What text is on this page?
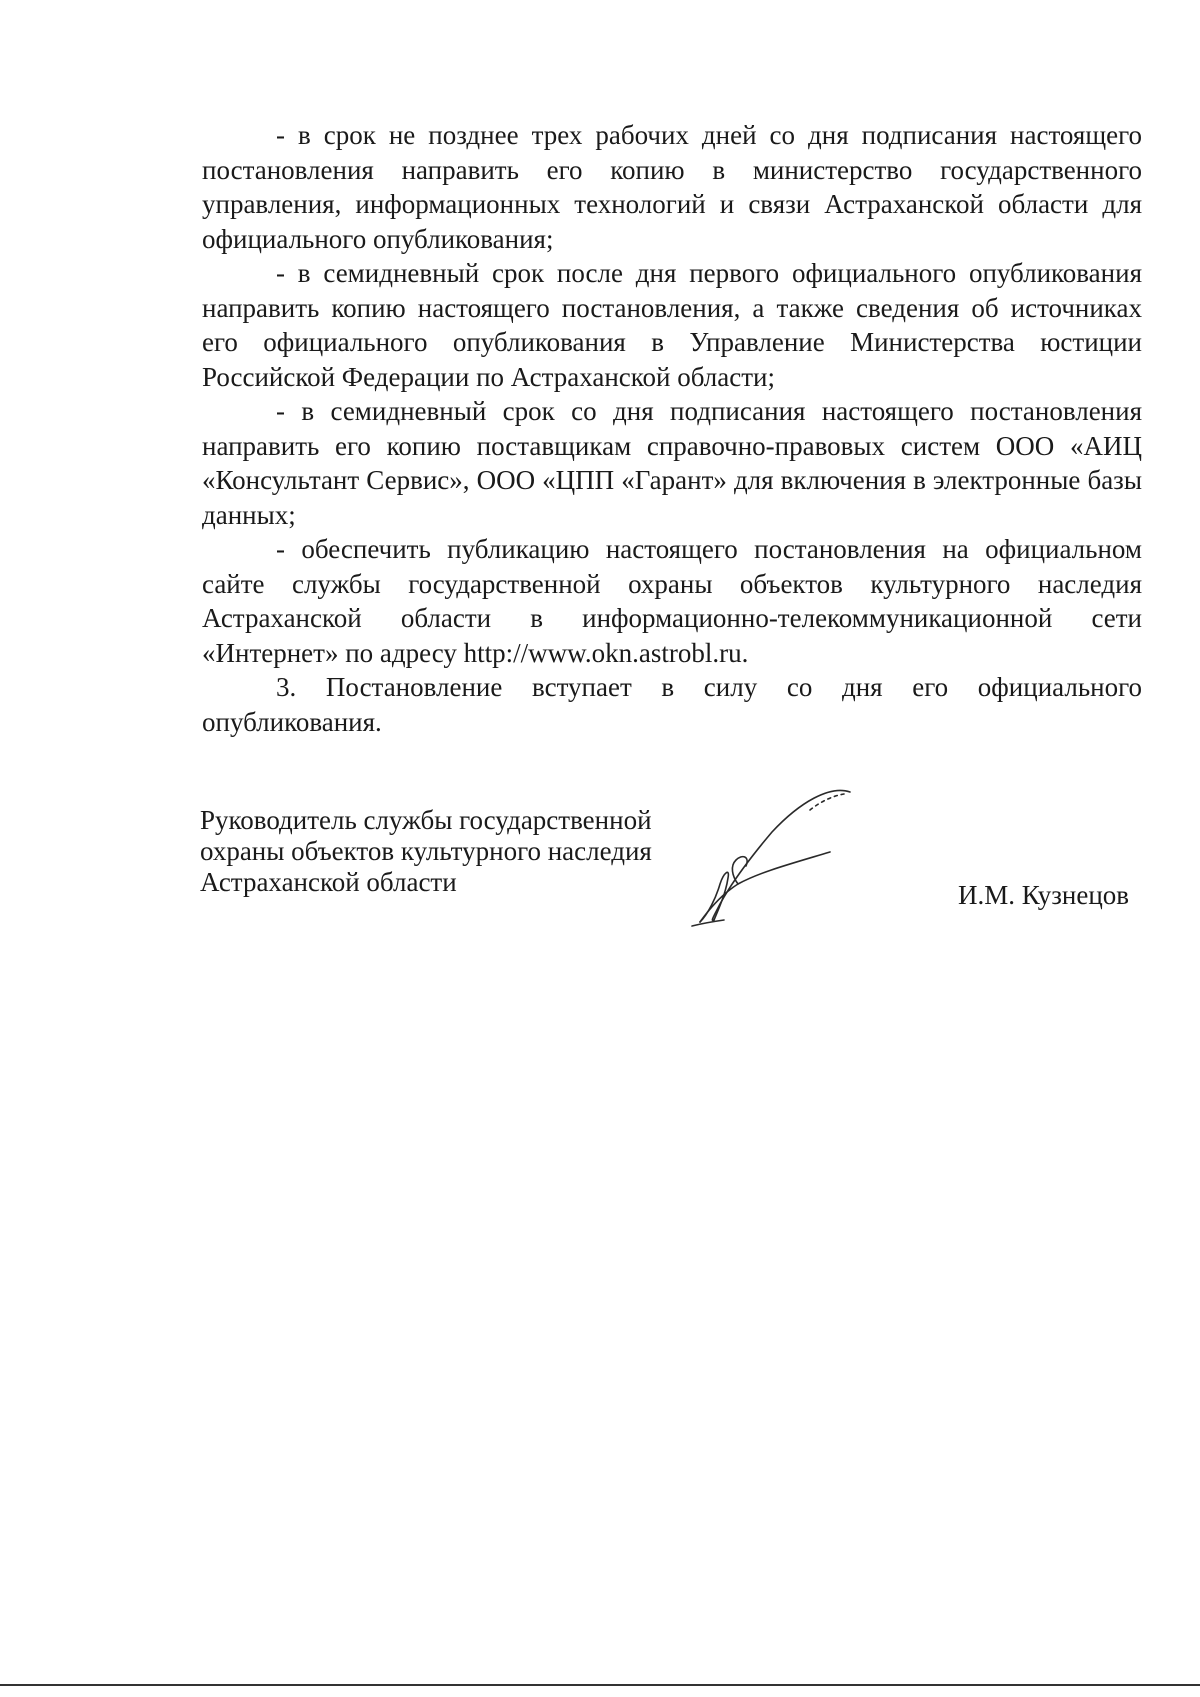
- в срок не позднее трех рабочих дней со дня подписания настоящего постановления направить его копию в министерство государственного управления, информационных технологий и связи Астраханской области для официального опубликования;

- в семидневный срок после дня первого официального опубликования направить копию настоящего постановления, а также сведения об источниках его официального опубликования в Управление Министерства юстиции Российской Федерации по Астраханской области;

- в семидневный срок со дня подписания настоящего постановления направить его копию поставщикам справочно-правовых систем ООО «АИЦ «Консультант Сервис», ООО «ЦПП «Гарант» для включения в электронные базы данных;

- обеспечить публикацию настоящего постановления на официальном сайте службы государственной охраны объектов культурного наследия Астраханской области в информационно-телекоммуникационной сети «Интернет» по адресу http://www.okn.astrobl.ru.

3. Постановление вступает в силу со дня его официального опубликования.

Руководитель службы государственной
охраны объектов культурного наследия
Астраханской области	И.М. Кузнецов
